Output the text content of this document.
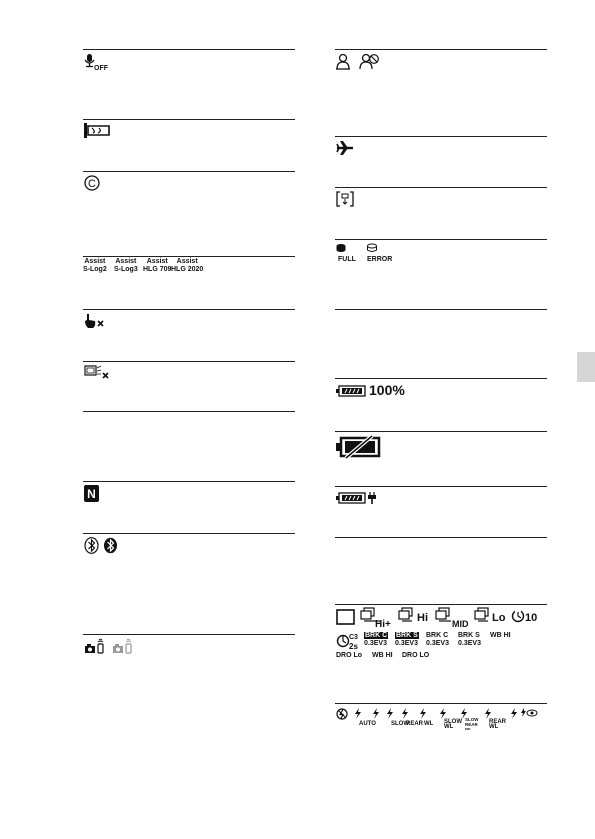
OFF
C
Assist
S-Log2
Assist
S-Log3
Assist
HLG 709
Assist
HLG 2020
N
FULL ERROR
100%
Hi+
Hi	MID Lo 10
C3
2s
BRK C
0.3EV3
BRK S
0.3EV3
BRK C
0.3EV3
BRK S
0.3EV3
WB HI
DRO Lo WB HI DRO LO
AUTO	SLOW
REAR WL SLOW
WL
SLOW
REAR
WL
REAR
WL
